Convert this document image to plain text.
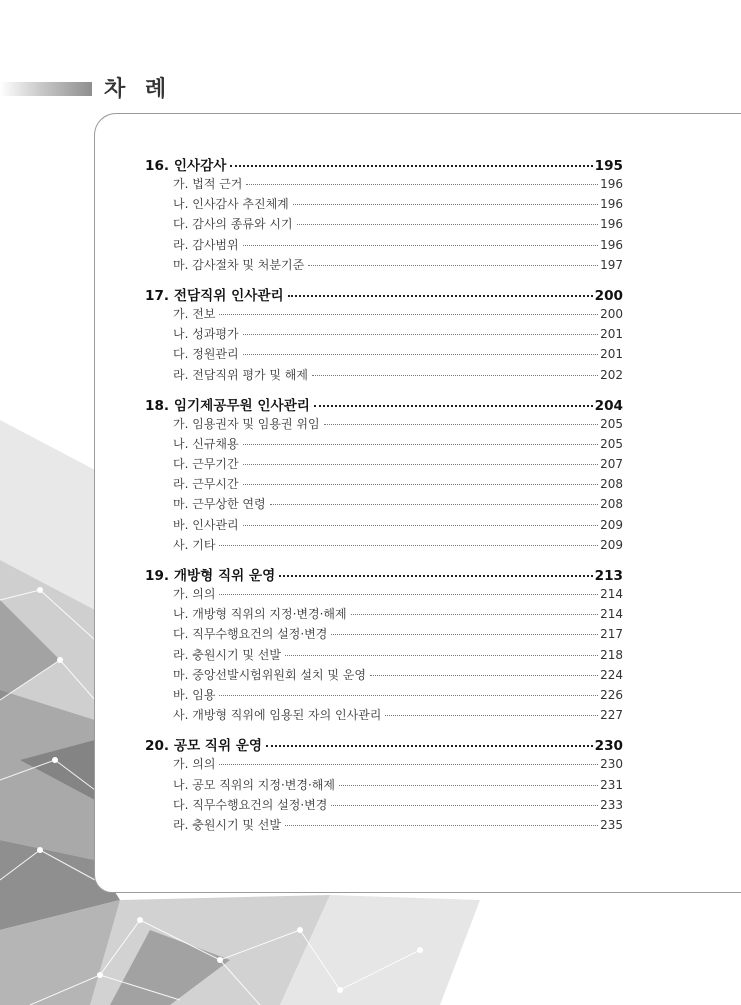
차 례
16. 인사감사	195
가. 법적 근거	196
나. 인사감사 추진체계	196
다. 감사의 종류와 시기	196
라. 감사범위	196
마. 감사절차 및 처분기준	197
17. 전담직위 인사관리	200
가. 전보	200
나. 성과평가	201
다. 정원관리	201
라. 전담직위 평가 및 해제	202
18. 임기제공무원 인사관리	204
가. 임용권자 및 임용권 위임	205
나. 신규채용	205
다. 근무기간	207
라. 근무시간	208
마. 근무상한 연령	208
바. 인사관리	209
사. 기타	209
19. 개방형 직위 운영	213
가. 의의	214
나. 개방형 직위의 지정·변경·해제	214
다. 직무수행요건의 설정·변경	217
라. 충원시기 및 선발	218
마. 중앙선발시험위원회 설치 및 운영	224
바. 임용	226
사. 개방형 직위에 임용된 자의 인사관리	227
20. 공모 직위 운영	230
가. 의의	230
나. 공모 직위의 지정·변경·해제	231
다. 직무수행요건의 설정·변경	233
라. 충원시기 및 선발	235
